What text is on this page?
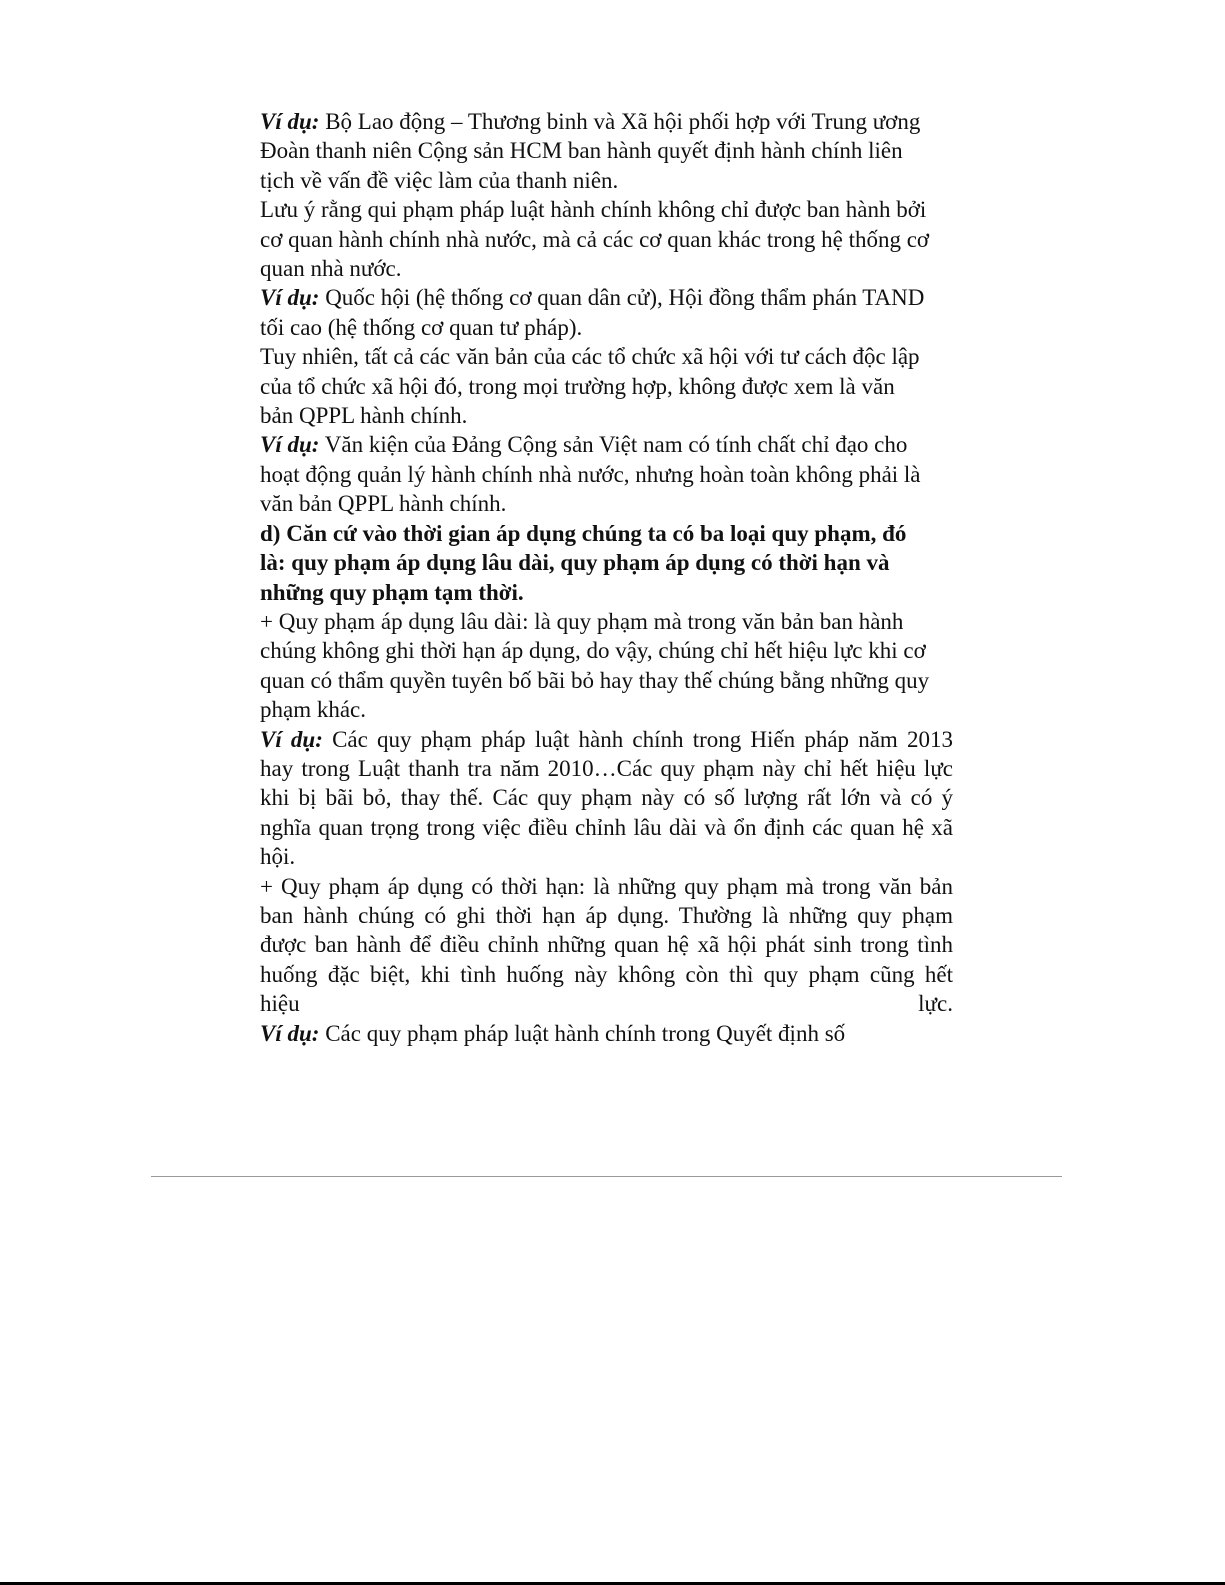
Ví dụ: Bộ Lao động – Thương binh và Xã hội phối hợp với Trung ương
Đoàn thanh niên Cộng sản HCM ban hành quyết định hành chính liên
tịch về vấn đề việc làm của thanh niên.
Lưu ý rằng qui phạm pháp luật hành chính không chỉ được ban hành bởi
cơ quan hành chính nhà nước, mà cả các cơ quan khác trong hệ thống cơ
quan nhà nước.
Ví dụ: Quốc hội (hệ thống cơ quan dân cử), Hội đồng thẩm phán TAND
tối cao (hệ thống cơ quan tư pháp).
Tuy nhiên, tất cả các văn bản của các tổ chức xã hội với tư cách độc lập
của tổ chức xã hội đó, trong mọi trường hợp, không được xem là văn
bản QPPL hành chính.
Ví dụ: Văn kiện của Đảng Cộng sản Việt nam có tính chất chỉ đạo cho
hoạt động quản lý hành chính nhà nước, nhưng hoàn toàn không phải là
văn bản QPPL hành chính.
d) Căn cứ vào thời gian áp dụng chúng ta có ba loại quy phạm, đó
là: quy phạm áp dụng lâu dài, quy phạm áp dụng có thời hạn và
những quy phạm tạm thời.
+ Quy phạm áp dụng lâu dài: là quy phạm mà trong văn bản ban hành
chúng không ghi thời hạn áp dụng, do vậy, chúng chỉ hết hiệu lực khi cơ
quan có thẩm quyền tuyên bố bãi bỏ hay thay thế chúng bằng những quy
phạm khác.
Ví dụ: Các quy phạm pháp luật hành chính trong Hiến pháp năm 2013
hay trong Luật thanh tra năm 2010…Các quy phạm này chỉ hết hiệu lực
khi bị bãi bỏ, thay thế. Các quy phạm này có số lượng rất lớn và có ý
nghĩa quan trọng trong việc điều chỉnh lâu dài và ổn định các quan hệ xã
hội.
+ Quy phạm áp dụng có thời hạn: là những quy phạm mà trong văn bản
ban hành chúng có ghi thời hạn áp dụng. Thường là những quy phạm
được ban hành để điều chỉnh những quan hệ xã hội phát sinh trong tình
huống đặc biệt, khi tình huống này không còn thì quy phạm cũng hết
hiệu	lực.
Ví dụ: Các quy phạm pháp luật hành chính trong Quyết định số
